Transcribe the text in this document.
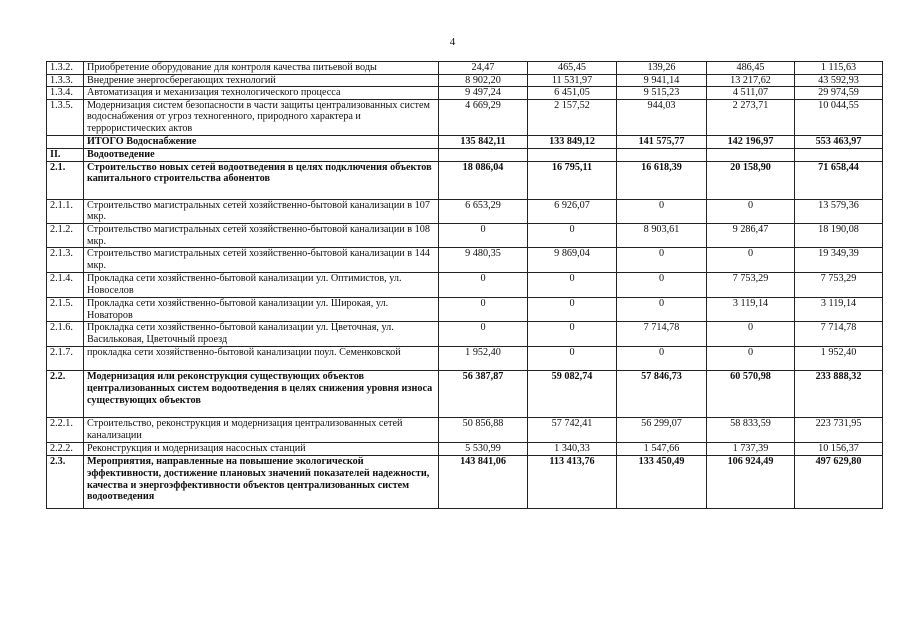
4
1.3.2.	Приобретение оборудование для контроля качества питьевой воды	24,47	465,45	139,26	486,45	1 115,63
1.3.3.	Внедрение энергосберегающих технологий	8 902,20	11 531,97	9 941,14	13 217,62	43 592,93
1.3.4.	Автоматизация и механизация технологического процесса	9 497,24	6 451,05	9 515,23	4 511,07	29 974,59
1.3.5.	Модернизация систем безопасности в части защиты централизованных систем водоснабжения от угроз техногенного, природного характера и террористических актов	4 669,29	2 157,52	944,03	2 273,71	10 044,55
	ИТОГО Водоснабжение	135 842,11	133 849,12	141 575,77	142 196,97	553 463,97
II.	Водоотведение					
2.1.	Строительство новых сетей водоотведения в целях подключения объектов капитального строительства абонентов	18 086,04	16 795,11	16 618,39	20 158,90	71 658,44
2.1.1.	Строительство магистральных сетей хозяйственно-бытовой канализации в 107 мкр.	6 653,29	6 926,07	0	0	13 579,36
2.1.2.	Строительство магистральных сетей хозяйственно-бытовой канализации в 108 мкр.	0	0	8 903,61	9 286,47	18 190,08
2.1.3.	Строительство магистральных сетей хозяйственно-бытовой канализации в 144 мкр.	9 480,35	9 869,04	0	0	19 349,39
2.1.4.	Прокладка сети хозяйственно-бытовой канализации ул. Оптимистов, ул. Новоселов	0	0	0	7 753,29	7 753,29
2.1.5.	Прокладка сети хозяйственно-бытовой канализации ул. Широкая, ул. Новаторов	0	0	0	3 119,14	3 119,14
2.1.6.	Прокладка сети хозяйственно-бытовой канализации ул. Цветочная, ул. Васильковая, Цветочный проезд	0	0	7 714,78	0	7 714,78
2.1.7.	прокладка сети хозяйственно-бытовой канализации поул. Семенковской	1 952,40	0	0	0	1 952,40
2.2.	Модернизация или реконструкция существующих объектов централизованных систем водоотведения в целях снижения уровня износа существующих объектов	56 387,87	59 082,74	57 846,73	60 570,98	233 888,32
2.2.1.	Строительство, реконструкция и модернизация централизованных сетей канализации	50 856,88	57 742,41	56 299,07	58 833,59	223 731,95
2.2.2.	Реконструкция и модернизация насосных станций	5 530,99	1 340,33	1 547,66	1 737,39	10 156,37
2.3.	Мероприятия, направленные на повышение экологической эффективности, достижение плановых значений показателей надежности, качества и энергоэффективности объектов централизованных систем водоотведения	143 841,06	113 413,76	133 450,49	106 924,49	497 629,80
